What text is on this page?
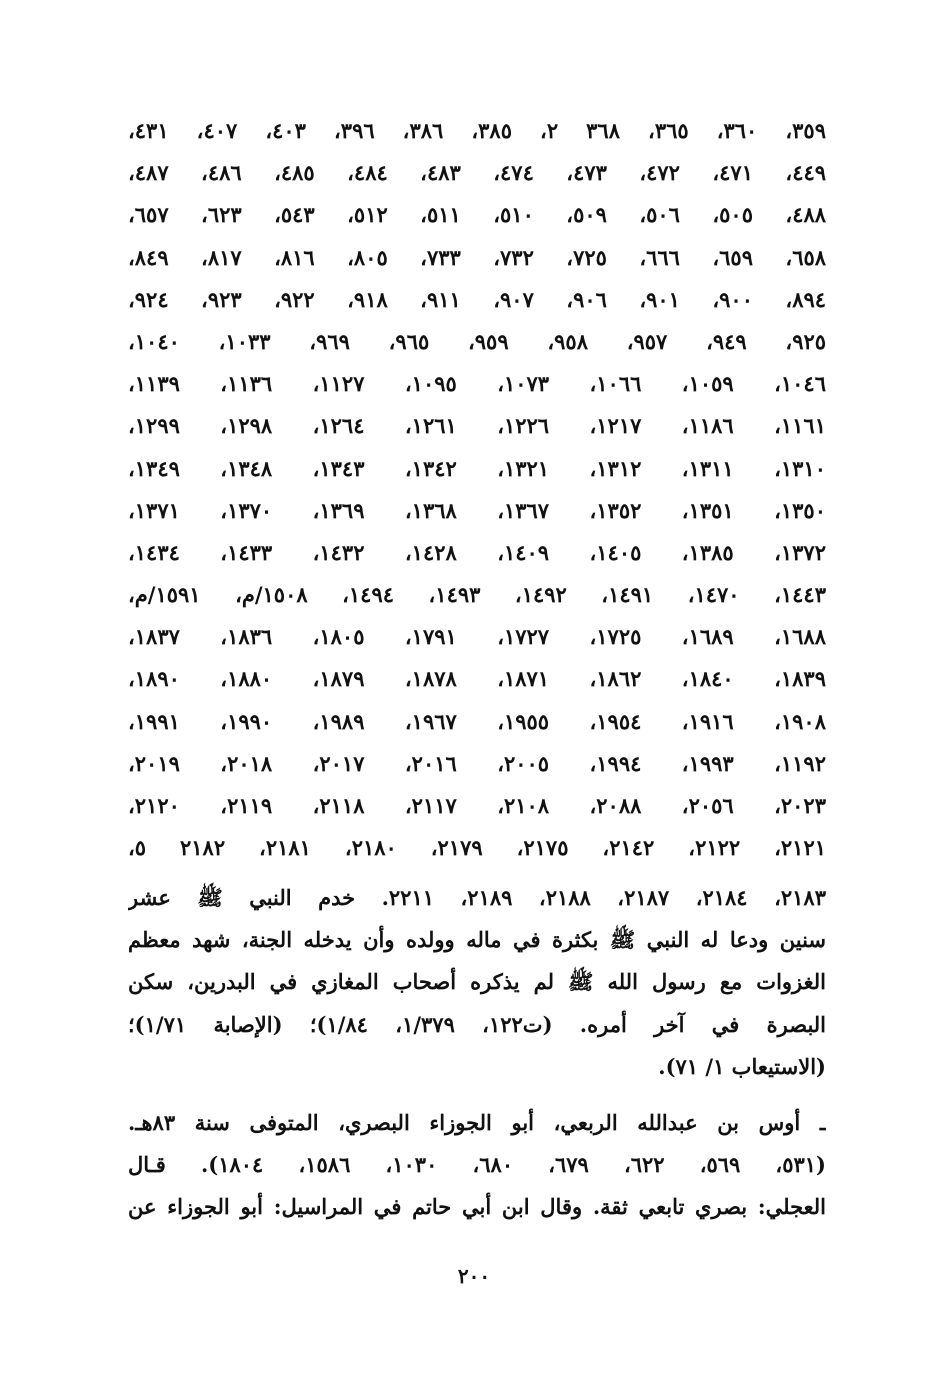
٣٥٩، ٣٦٠، ٣٦٥، ٣٦٨ ٢، ٣٨٥، ٣٨٦، ٣٩٦، ٤٠٣، ٤٠٧، ٤٣١،
٤٤٩، ٤٧١، ٤٧٢، ٤٧٣، ٤٧٤، ٤٨٣، ٤٨٤، ٤٨٥، ٤٨٦، ٤٨٧،
٤٨٨، ٥٠٥، ٥٠٦، ٥٠٩، ٥١٠، ٥١١، ٥١٢، ٥٤٣، ٦٢٣، ٦٥٧،
٦٥٨، ٦٥٩، ٦٦٦، ٧٢٥، ٧٣٢، ٧٣٣، ٨٠٥، ٨١٦، ٨١٧، ٨٤٩،
٨٩٤، ٩٠٠، ٩٠١، ٩٠٦، ٩٠٧، ٩١١، ٩١٨، ٩٢٢، ٩٢٣، ٩٢٤،
٩٢٥، ٩٤٩، ٩٥٧، ٩٥٨، ٩٥٩، ٩٦٥، ٩٦٩، ١٠٣٣، ١٠٤٠،
١٠٤٦، ١٠٥٩، ١٠٦٦، ١٠٧٣، ١٠٩٥، ١١٢٧، ١١٣٦، ١١٣٩،
١١٦١، ١١٨٦، ١٢١٧، ١٢٢٦، ١٢٦١، ١٢٦٤، ١٢٩٨، ١٢٩٩،
١٣١٠، ١٣١١، ١٣١٢، ١٣٢١، ١٣٤٢، ١٣٤٣، ١٣٤٨، ١٣٤٩،
١٣٥٠، ١٣٥١، ١٣٥٢، ١٣٦٧، ١٣٦٨، ١٣٦٩، ١٣٧٠، ١٣٧١،
١٣٧٢، ١٣٨٥، ١٤٠٥، ١٤٠٩، ١٤٢٨، ١٤٣٢، ١٤٣٣، ١٤٣٤،
١٤٤٣، ١٤٧٠، ١٤٩١، ١٤٩٢، ١٤٩٣، ١٤٩٤، ١٥٠٨/م، ١٥٩١/م،
١٦٨٨، ١٦٨٩، ١٧٢٥، ١٧٢٧، ١٧٩١، ١٨٠٥، ١٨٣٦، ١٨٣٧،
١٨٣٩، ١٨٤٠، ١٨٦٢، ١٨٧١، ١٨٧٨، ١٨٧٩، ١٨٨٠، ١٨٩٠،
١٩٠٨، ١٩١٦، ١٩٥٤، ١٩٥٥، ١٩٦٧، ١٩٨٩، ١٩٩٠، ١٩٩١،
١١٩٢، ١٩٩٣، ١٩٩٤، ٢٠٠٥، ٢٠١٦، ٢٠١٧، ٢٠١٨، ٢٠١٩،
٢٠٢٣، ٢٠٥٦، ٢٠٨٨، ٢١٠٨، ٢١١٧، ٢١١٨، ٢١١٩، ٢١٢٠،
٢١٢١، ٢١٢٢، ٢١٤٢، ٢١٧٥، ٢١٧٩، ٢١٨٠، ٢١٨١، ٢١٨٢ ٥،
٢١٨٣، ٢١٨٤، ٢١٨٧، ٢١٨٨، ٢١٨٩، ٢٢١١. خدم النبي ﷺ عشر
سنين ودعا له النبي ﷺ بكثرة في ماله وولده وأن يدخله الجنة، شهد معظم
الغزوات مع رسول الله ﷺ لم يذكره أصحاب المغازي في البدرين، سكن
البصرة في آخر أمره. (ت١٢٢، ١/٣٧٩، ١/٨٤)؛ (الإصابة ١/٧١)؛
(الاستيعاب ١/ ٧١).
ـ أوس بن عبدالله الربعي، أبو الجوزاء البصري، المتوفى سنة ٨٣هـ.
(٥٣١، ٥٦٩، ٦٢٢، ٦٧٩، ٦٨٠، ١٠٣٠، ١٥٨٦، ١٨٠٤). قـال
العجلي: بصري تابعي ثقة. وقال ابن أبي حاتم في المراسيل: أبو الجوزاء عن
٢٠٠
